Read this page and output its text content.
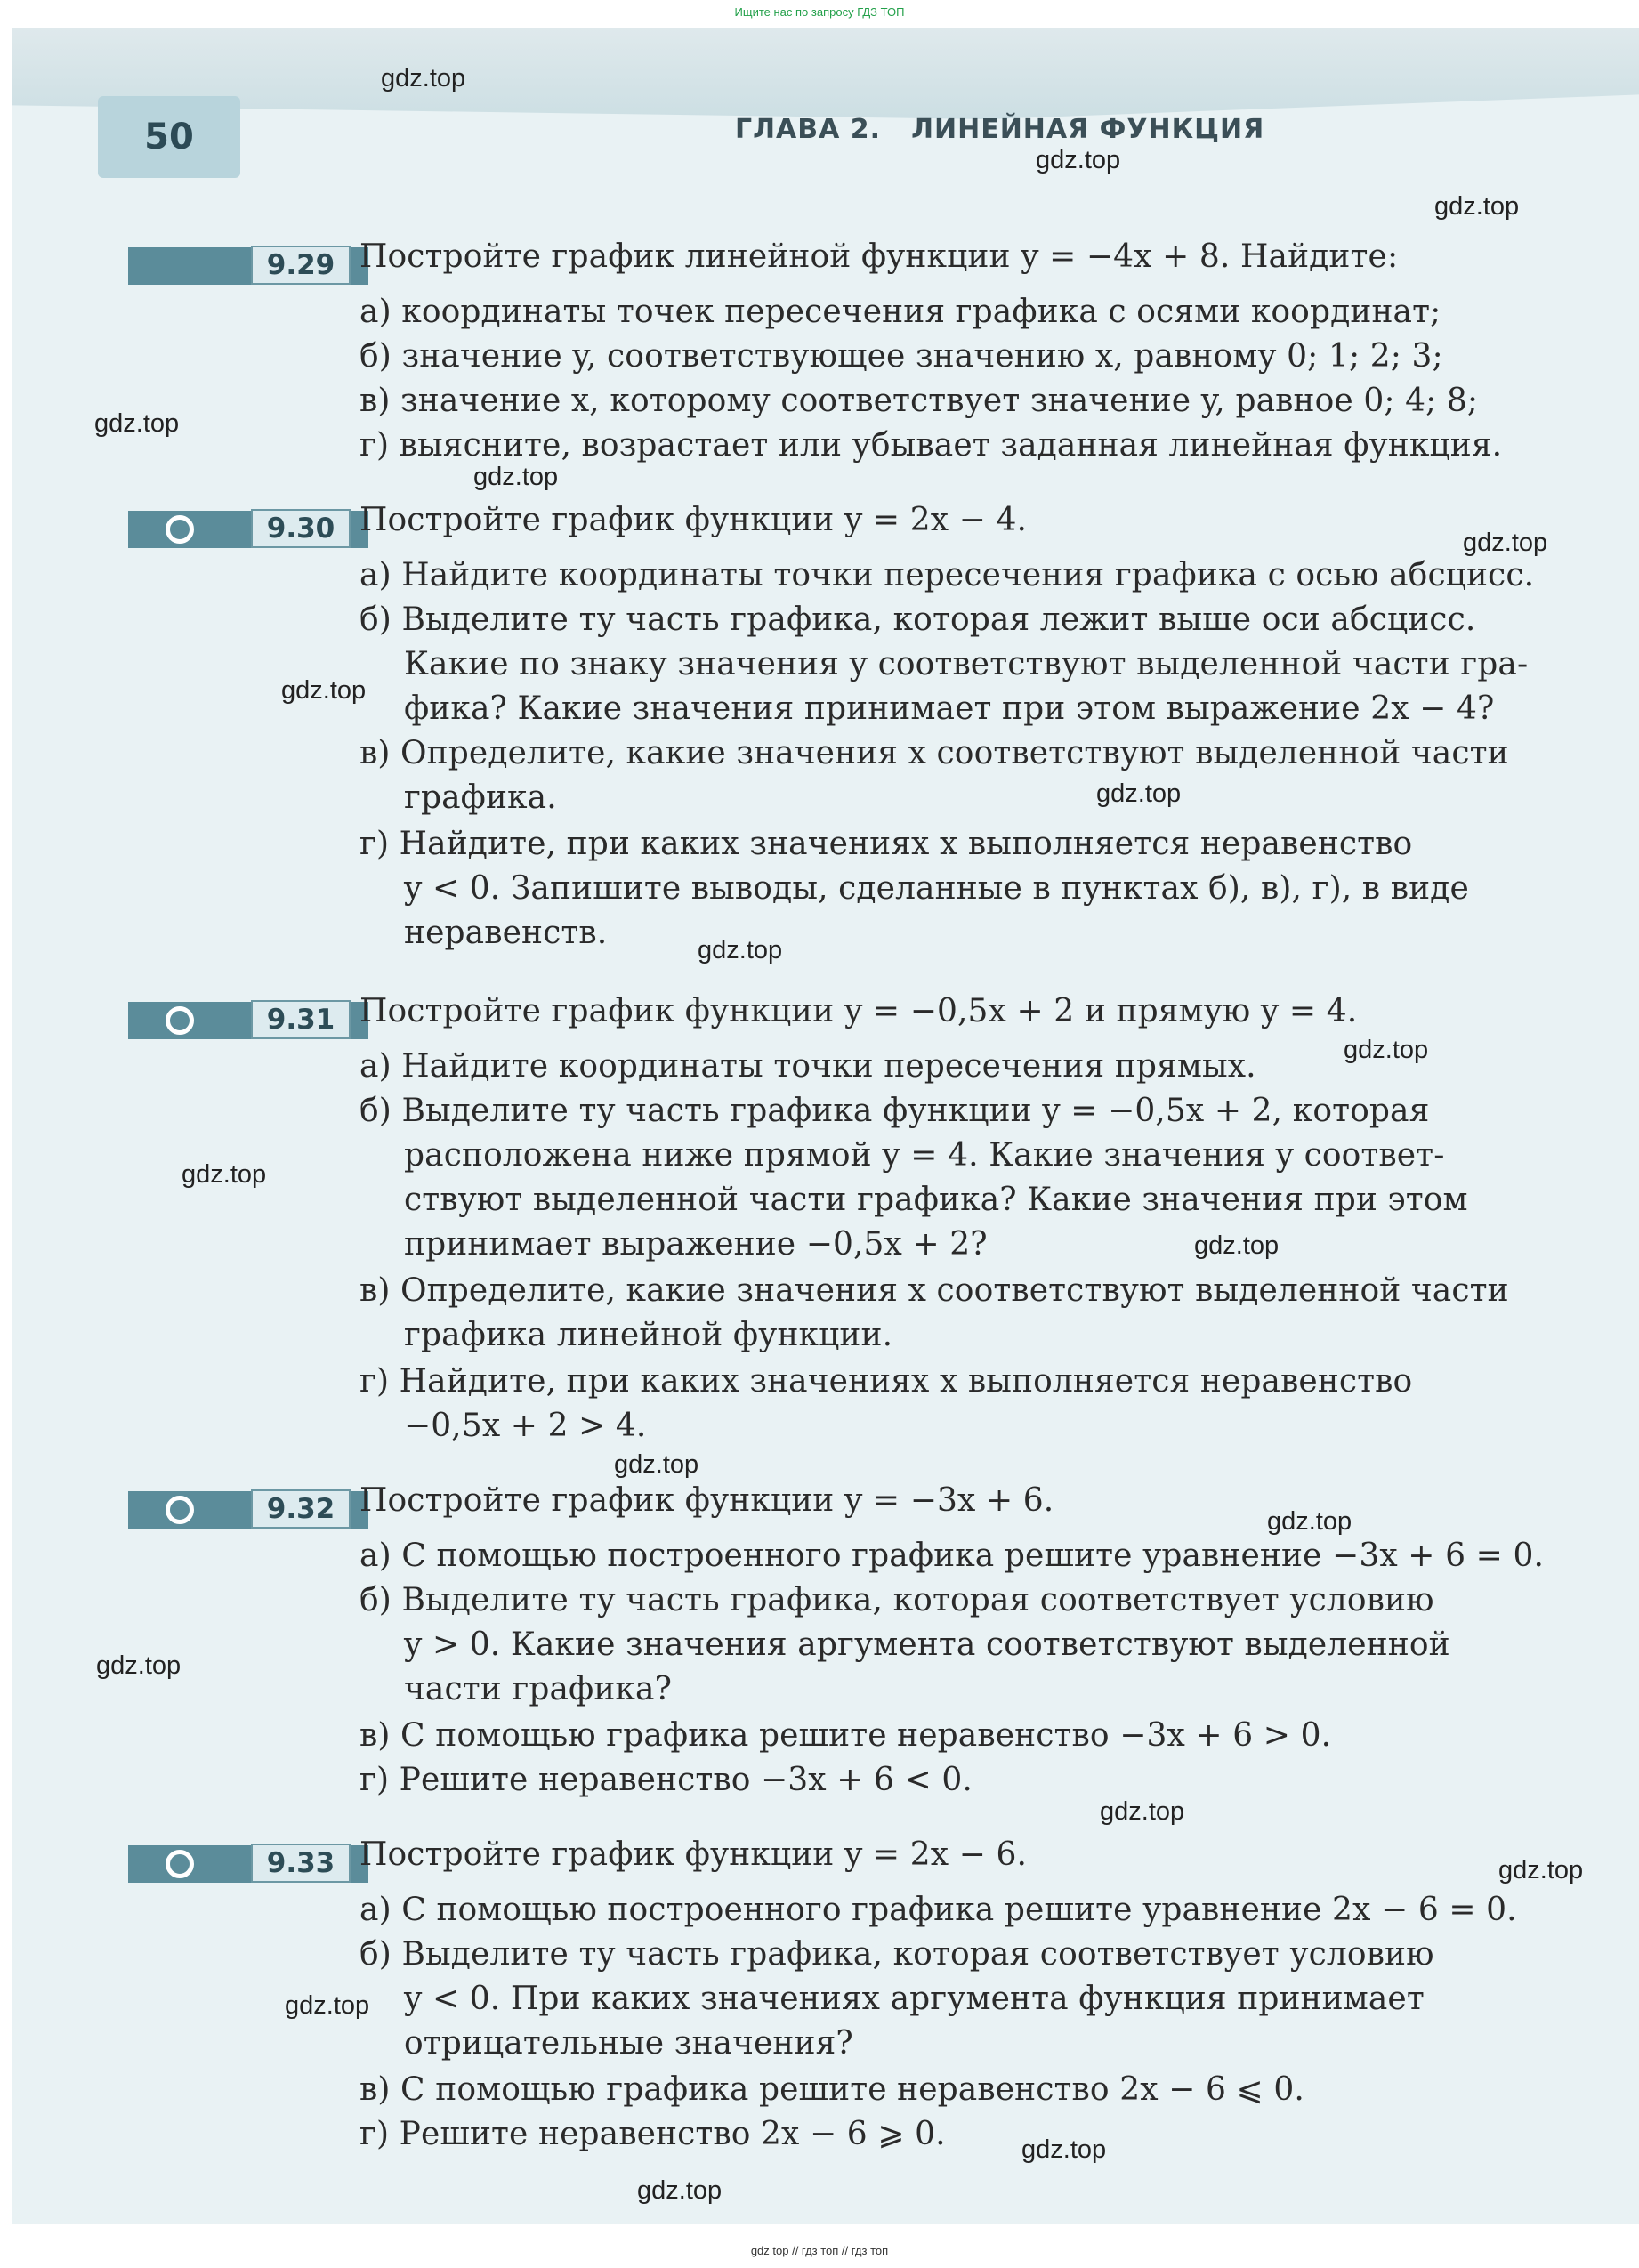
Ищите нас по запросу ГДЗ ТОП
50	ГЛАВА 2. ЛИНЕЙНАЯ ФУНКЦИЯ
9.29 Постройте график линейной функции y = −4x + 8. Найдите:
а) координаты точек пересечения графика с осями координат;
б) значение y, соответствующее значению x, равному 0; 1; 2; 3;
в) значение x, которому соответствует значение y, равное 0; 4; 8;
г) выясните, возрастает или убывает заданная линейная функция.
9.30 Постройте график функции y = 2x − 4.
а) Найдите координаты точки пересечения графика с осью абсцисс.
б) Выделите ту часть графика, которая лежит выше оси абсцисс.
Какие по знаку значения y соответствуют выделенной части гра-
фика? Какие значения принимает при этом выражение 2x − 4?
в) Определите, какие значения x соответствуют выделенной части
графика.
г) Найдите, при каких значениях x выполняется неравенство
y < 0. Запишите выводы, сделанные в пунктах б), в), г), в виде
неравенств.
9.31 Постройте график функции y = −0,5x + 2 и прямую y = 4.
а) Найдите координаты точки пересечения прямых.
б) Выделите ту часть графика функции y = −0,5x + 2, которая
расположена ниже прямой y = 4. Какие значения y соответ-
ствуют выделенной части графика? Какие значения при этом
принимает выражение −0,5x + 2?
в) Определите, какие значения x соответствуют выделенной части
графика линейной функции.
г) Найдите, при каких значениях x выполняется неравенство
−0,5x + 2 > 4.
9.32 Постройте график функции y = −3x + 6.
а) С помощью построенного графика решите уравнение −3x + 6 = 0.
б) Выделите ту часть графика, которая соответствует условию
y > 0. Какие значения аргумента соответствуют выделенной
части графика?
в) С помощью графика решите неравенство −3x + 6 > 0.
г) Решите неравенство −3x + 6 < 0.
9.33 Постройте график функции y = 2x − 6.
а) С помощью построенного графика решите уравнение 2x − 6 = 0.
б) Выделите ту часть графика, которая соответствует условию
y < 0. При каких значениях аргумента функция принимает
отрицательные значения?
в) С помощью графика решите неравенство 2x − 6 ⩽ 0.
г) Решите неравенство 2x − 6 ⩾ 0.
gdz.top
gdz.top
gdz.top
gdz.top
gdz.top
gdz.top
gdz.top
gdz.top
gdz.top
gdz.top
gdz.top
gdz.top
gdz.top
gdz.top
gdz.top
gdz.top
gdz.top
gdz.top
gdz.top
gdz.top
gdz top // гдз топ // гдз топ
